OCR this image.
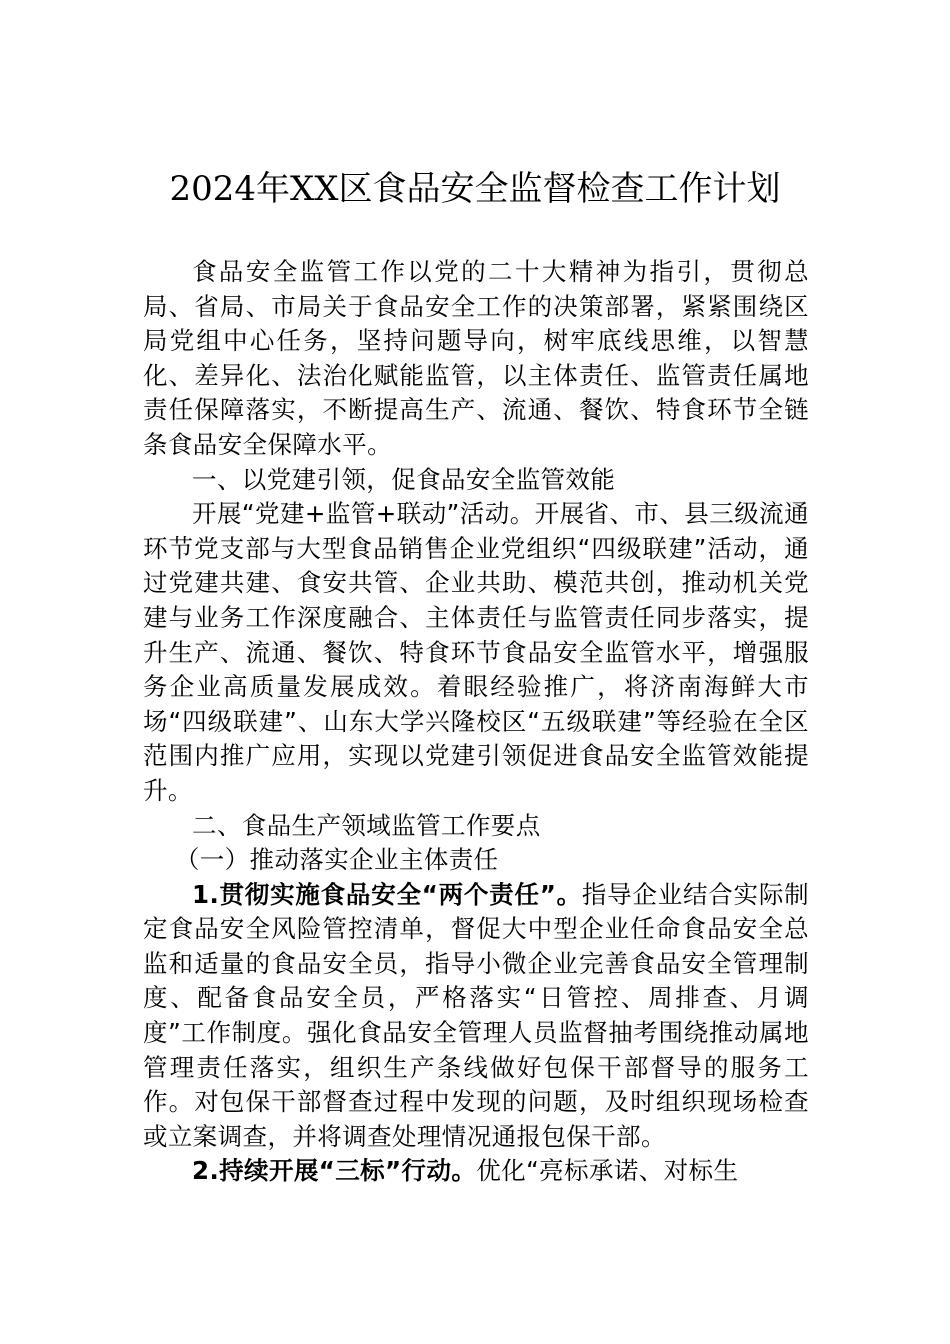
2024年XX区食品安全监督检查工作计划

食品安全监管工作以党的二十大精神为指引，贯彻总局、省局、市局关于食品安全工作的决策部署，紧紧围绕区局党组中心任务，坚持问题导向，树牢底线思维，以智慧化、差异化、法治化赋能监管，以主体责任、监管责任属地责任保障落实，不断提高生产、流通、餐饮、特食环节全链条食品安全保障水平。

一、以党建引领，促食品安全监管效能

开展“党建+监管+联动”活动。开展省、市、县三级流通环节党支部与大型食品销售企业党组织“四级联建”活动，通过党建共建、食安共管、企业共助、模范共创，推动机关党建与业务工作深度融合、主体责任与监管责任同步落实，提升生产、流通、餐饮、特食环节食品安全监管水平，增强服务企业高质量发展成效。着眼经验推广，将济南海鲜大市场“四级联建”、山东大学兴隆校区“五级联建”等经验在全区范围内推广应用，实现以党建引领促进食品安全监管效能提升。

二、食品生产领域监管工作要点

（一）推动落实企业主体责任

1.贯彻实施食品安全“两个责任”。指导企业结合实际制定食品安全风险管控清单，督促大中型企业任命食品安全总监和适量的食品安全员，指导小微企业完善食品安全管理制度、配备食品安全员，严格落实“日管控、周排查、月调度”工作制度。强化食品安全管理人员监督抽考围绕推动属地管理责任落实，组织生产条线做好包保干部督导的服务工作。对包保干部督查过程中发现的问题，及时组织现场检查或立案调查，并将调查处理情况通报包保干部。

2.持续开展“三标”行动。优化“亮标承诺、对标生
